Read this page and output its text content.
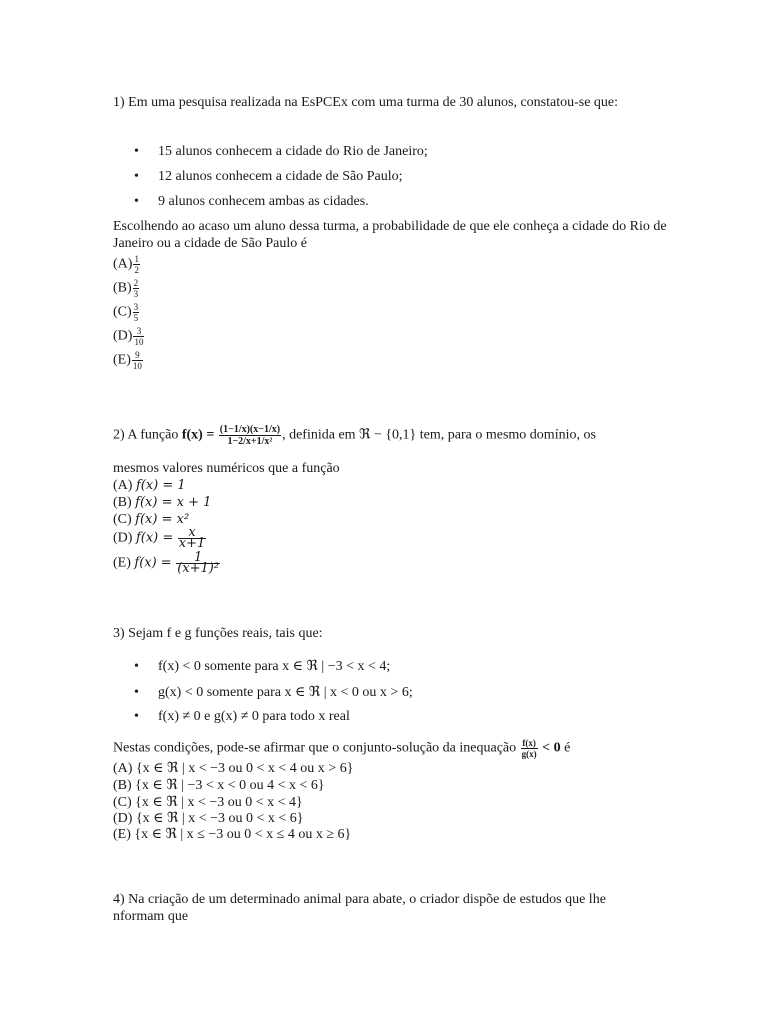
1) Em uma pesquisa realizada na EsPCEx com uma turma de 30 alunos, constatou-se que:
• 15 alunos conhecem a cidade do Rio de Janeiro;
• 12 alunos conhecem a cidade de São Paulo;
• 9 alunos conhecem ambas as cidades.
Escolhendo ao acaso um aluno dessa turma, a probabilidade de que ele conheça a cidade do Rio de Janeiro ou a cidade de São Paulo é
$(A) \frac{1}{2}$
$(B) \frac{2}{3}$
$(C) \frac{3}{5}$
$(D) \frac{3}{10}$
$(E) \frac{9}{10}$
2) A função $f(x) = \frac{(1-1/x)(x-1/x)}{\text{1−2/x+1/x²}}$ , definida em ℜ − {0,1} tem, para o mesmo domínio, os
mesmos valores numéricos que a função
(A) f(x) = 1
(B) f(x) = x + 1
(C) f(x) = x²
(D) $f(x) = \frac{x}{x+1}$
(E) $f(x) = \frac{1}{\text{(x+1)²}}$
3) Sejam f e g funções reais, tais que:
• f(x) < 0 somente para x ∈ ℜ | −3 < x < 4;
• g(x) < 0 somente para x ∈ ℜ | x < 0 ou x > 6;
• f(x) ≠ 0 e g(x) ≠ 0 para todo x real
Nestas condições, pode-se afirmar que o conjunto-solução da inequação $\frac{f(x)}{g(x)} < 0$ é
(A) {x ∈ ℜ | x < −3 ou 0 < x < 4 ou x > 6}
(B) {x ∈ ℜ | −3 < x < 0 ou 4 < x < 6}
(C) {x ∈ ℜ | x < −3 ou 0 < x < 4}
(D) {x ∈ ℜ | x < −3 ou 0 < x < 6}
(E) {x ∈ ℜ | x ≤ −3 ou 0 < x ≤ 4 ou x ≥ 6}
4) Na criação de um determinado animal para abate, o criador dispõe de estudos que lhe
nformam que
